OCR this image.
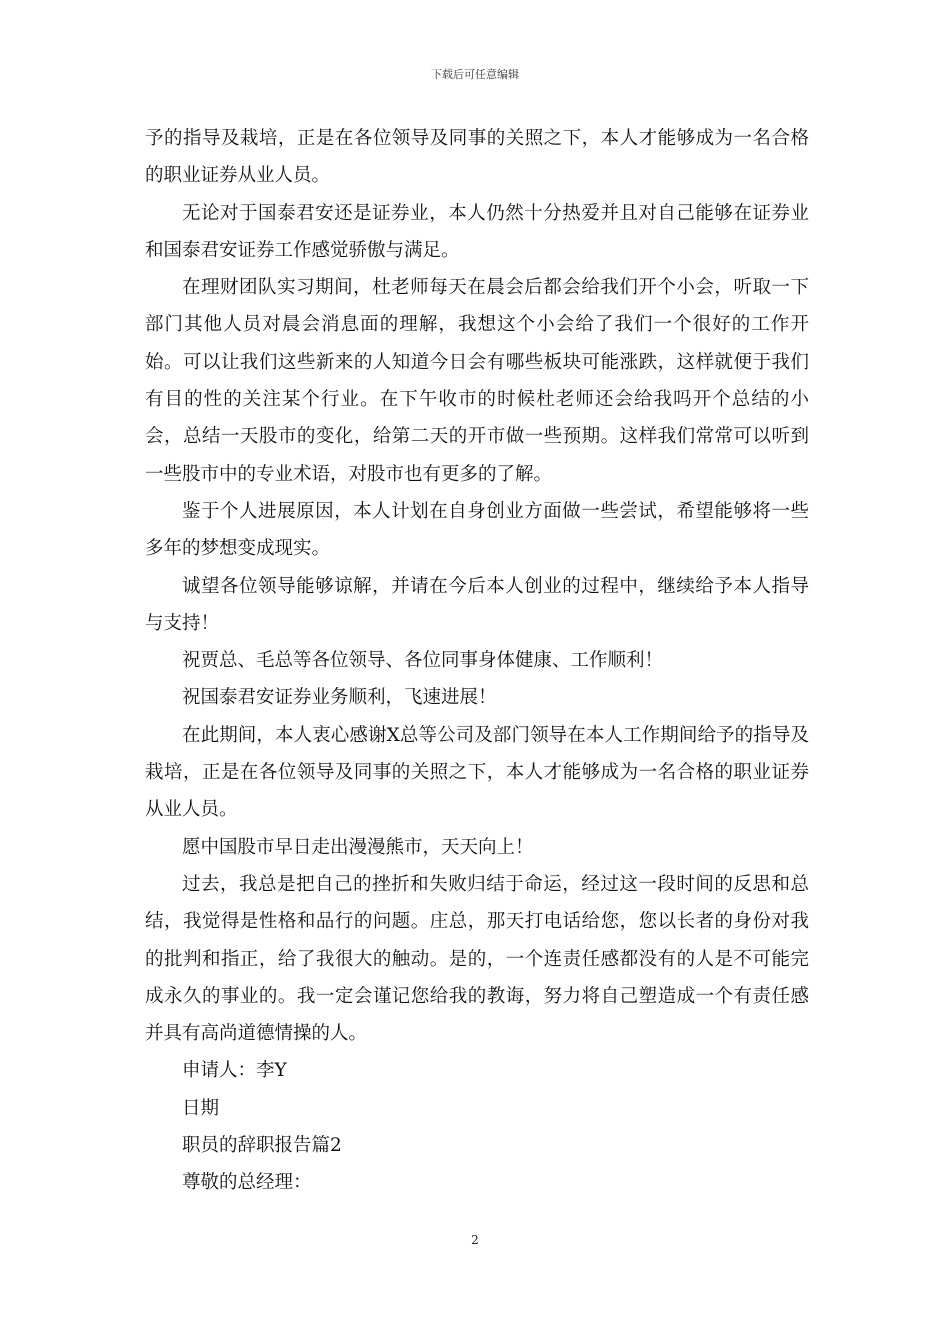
下载后可任意编辑

予的指导及栽培，正是在各位领导及同事的关照之下，本人才能够成为一名合格的职业证券从业人员。

无论对于国泰君安还是证券业，本人仍然十分热爱并且对自己能够在证券业和国泰君安证券工作感觉骄傲与满足。

在理财团队实习期间，杜老师每天在晨会后都会给我们开个小会，听取一下部门其他人员对晨会消息面的理解，我想这个小会给了我们一个很好的工作开始。可以让我们这些新来的人知道今日会有哪些板块可能涨跌，这样就便于我们有目的性的关注某个行业。在下午收市的时候杜老师还会给我吗开个总结的小会，总结一天股市的变化，给第二天的开市做一些预期。这样我们常常可以听到一些股市中的专业术语，对股市也有更多的了解。

鉴于个人进展原因，本人计划在自身创业方面做一些尝试，希望能够将一些多年的梦想变成现实。

诚望各位领导能够谅解，并请在今后本人创业的过程中，继续给予本人指导与支持！

祝贾总、毛总等各位领导、各位同事身体健康、工作顺利！

祝国泰君安证券业务顺利，飞速进展！

在此期间，本人衷心感谢X总等公司及部门领导在本人工作期间给予的指导及栽培，正是在各位领导及同事的关照之下，本人才能够成为一名合格的职业证券从业人员。

愿中国股市早日走出漫漫熊市，天天向上！

过去，我总是把自己的挫折和失败归结于命运，经过这一段时间的反思和总结，我觉得是性格和品行的问题。庄总，那天打电话给您，您以长者的身份对我的批判和指正，给了我很大的触动。是的，一个连责任感都没有的人是不可能完成永久的事业的。我一定会谨记您给我的教诲，努力将自己塑造成一个有责任感并具有高尚道德情操的人。

申请人：李Y

日期

职员的辞职报告篇2

尊敬的总经理：

2
